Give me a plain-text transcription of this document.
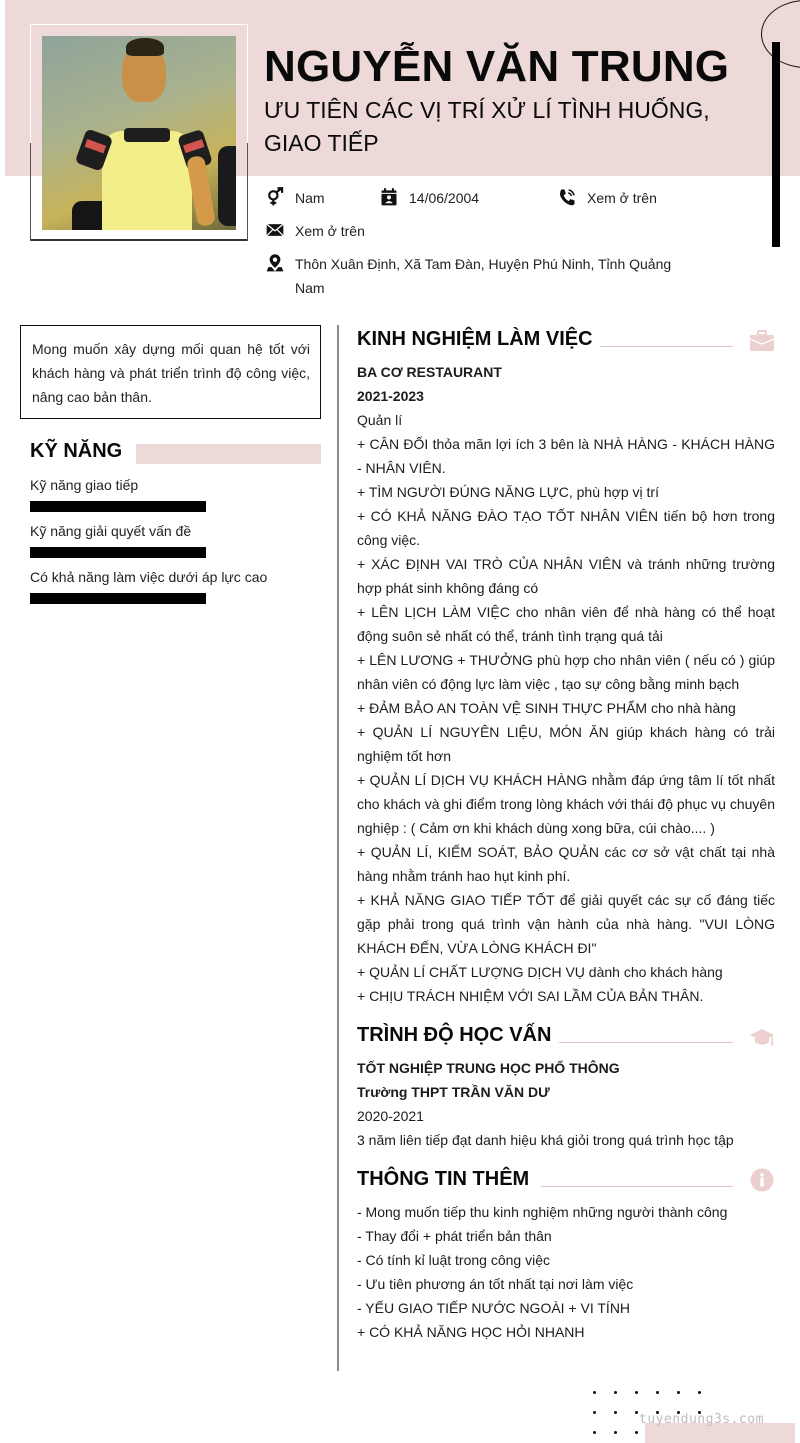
NGUYỄN VĂN TRUNG
ƯU TIÊN CÁC VỊ TRÍ XỬ LÍ TÌNH HUỐNG, GIAO TIẾP
Nam	14/06/2004	Xem ở trên
Xem ở trên
Thôn Xuân Định, Xã Tam Đàn, Huyện Phú Ninh, Tỉnh Quảng Nam
Mong muốn xây dựng mối quan hệ tốt với khách hàng và phát triển trình độ công việc, nâng cao bản thân.
KỸ NĂNG
Kỹ năng giao tiếp
Kỹ năng giải quyết vấn đề
Có khả năng làm việc dưới áp lực cao
KINH NGHIỆM LÀM VIỆC
BA CƠ RESTAURANT
2021-2023
Quản lí
+ CÂN ĐỐI thỏa mãn lợi ích 3 bên là NHÀ HÀNG - KHÁCH HÀNG - NHÂN VIÊN.
+ TÌM NGƯỜI ĐÚNG NĂNG LỰC, phù hợp vị trí
+ CÓ KHẢ NĂNG ĐÀO TẠO TỐT NHÂN VIÊN tiến bộ hơn trong công việc.
+ XÁC ĐỊNH VAI TRÒ CỦA NHÂN VIÊN và tránh những trường hợp phát sinh không đáng có
+ LÊN LỊCH LÀM VIỆC cho nhân viên để nhà hàng có thể hoạt động suôn sẻ nhất có thể, tránh tình trạng quá tải
+ LÊN LƯƠNG + THƯỞNG phù hợp cho nhân viên ( nếu có ) giúp nhân viên có động lực làm việc , tạo sự công bằng minh bạch
+ ĐẢM BẢO AN TOÀN VỆ SINH THỰC PHẨM cho nhà hàng
+ QUẢN LÍ NGUYÊN LIỆU, MÓN ĂN giúp khách hàng có trải nghiệm tốt hơn
+ QUẢN LÍ DỊCH VỤ KHÁCH HÀNG nhằm đáp ứng tâm lí tốt nhất cho khách và ghi điểm trong lòng khách với thái độ phục vụ chuyên nghiệp : ( Cảm ơn khi khách dùng xong bữa, cúi chào.... )
+ QUẢN LÍ, KIẾM SOÁT, BẢO QUẢN các cơ sở vật chất tại nhà hàng nhằm tránh hao hụt kinh phí.
+ KHẢ NĂNG GIAO TIẾP TỐT để giải quyết các sự cố đáng tiếc gặp phải trong quá trình vận hành của nhà hàng. "VUI LÒNG KHÁCH ĐẾN, VỪA LÒNG KHÁCH ĐI"
+ QUẢN LÍ CHẤT LƯỢNG DỊCH VỤ dành cho khách hàng
+ CHỊU TRÁCH NHIỆM VỚI SAI LẦM CỦA BẢN THÂN.
TRÌNH ĐỘ HỌC VẤN
TỐT NGHIỆP TRUNG HỌC PHỔ THÔNG
Trường THPT TRẦN VĂN DƯ
2020-2021
3 năm liên tiếp đạt danh hiệu khá giỏi trong quá trình học tập
THÔNG TIN THÊM
- Mong muốn tiếp thu kinh nghiệm những người thành công
- Thay đổi + phát triển bản thân
- Có tính kỉ luật trong công việc
- Ưu tiên phương án tốt nhất tại nơi làm việc
- YẾU GIAO TIẾP NƯỚC NGOÀI + VI TÍNH
+ CÓ KHẢ NĂNG HỌC HỎI NHANH
tuyendung3s.com
